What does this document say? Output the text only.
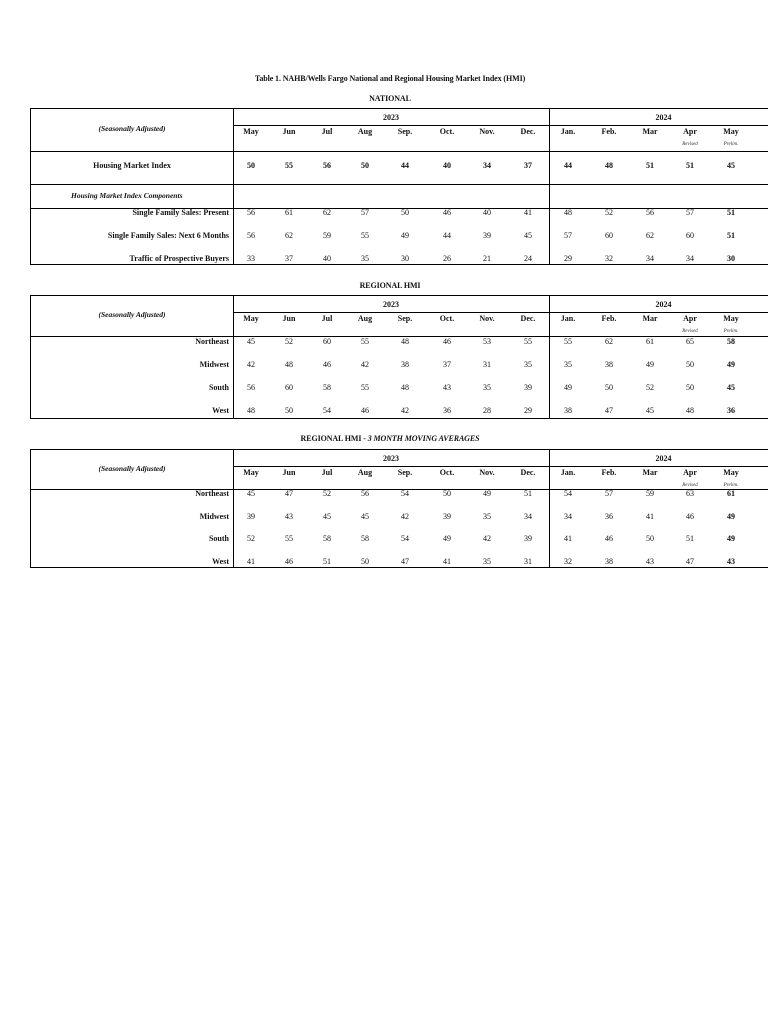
Table 1. NAHB/Wells Fargo National and Regional Housing Market Index (HMI)
NATIONAL
2023	2024
(Seasonally Adjusted)	May	Jun	Jul	Aug	Sep.	Oct.	Nov.	Dec.	Jan.	Feb.	Mar	Apr	May
Revised	Prelim.
Housing Market Index	50	55	56	50	44	40	34	37	44	48	51	51	45
Housing Market Index Components
Single Family Sales: Present	56	61	62	57	50	46	40	41	48	52	56	57	51
Single Family Sales: Next 6 Months	56	62	59	55	49	44	39	45	57	60	62	60	51
Traffic of Prospective Buyers	33	37	40	35	30	26	21	24	29	32	34	34	30
REGIONAL HMI
2023	2024
(Seasonally Adjusted)	May	Jun	Jul	Aug	Sep.	Oct.	Nov.	Dec.	Jan.	Feb.	Mar	Apr	May
Revised	Prelim.
Northeast	45	52	60	55	48	46	53	55	55	62	61	65	58
Midwest	42	48	46	42	38	37	31	35	35	38	49	50	49
South	56	60	58	55	48	43	35	39	49	50	52	50	45
West	48	50	54	46	42	36	28	29	38	47	45	48	36
REGIONAL HMI - 3 MONTH MOVING AVERAGES
2023	2024
(Seasonally Adjusted)	May	Jun	Jul	Aug	Sep.	Oct.	Nov.	Dec.	Jan.	Feb.	Mar	Apr	May
Revised	Prelim.
Northeast	45	47	52	56	54	50	49	51	54	57	59	63	61
Midwest	39	43	45	45	42	39	35	34	34	36	41	46	49
South	52	55	58	58	54	49	42	39	41	46	50	51	49
West	41	46	51	50	47	41	35	31	32	38	43	47	43
